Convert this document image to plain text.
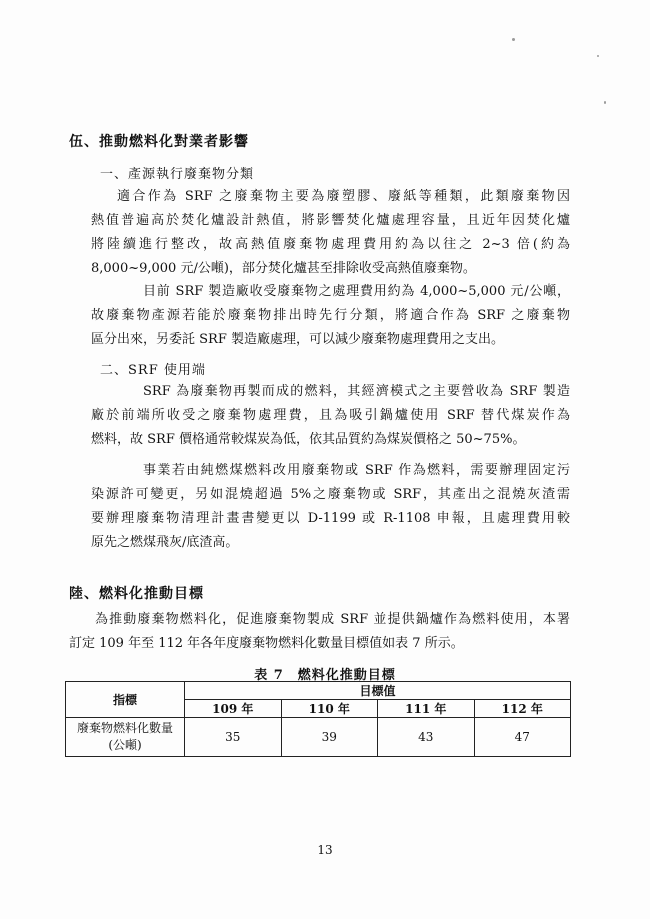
伍、推動燃料化對業者影響
一、產源執行廢棄物分類
適合作為 SRF 之廢棄物主要為廢塑膠、廢紙等種類，此類廢棄物因
熱值普遍高於焚化爐設計熱值，將影響焚化爐處理容量，且近年因焚化爐
將陸續進行整改，故高熱值廢棄物處理費用約為以往之 2~3 倍(約為
8,000~9,000 元/公噸)，部分焚化爐甚至排除收受高熱值廢棄物。
目前 SRF 製造廠收受廢棄物之處理費用約為 4,000~5,000 元/公噸，
故廢棄物產源若能於廢棄物排出時先行分類，將適合作為 SRF 之廢棄物
區分出來，另委託 SRF 製造廠處理，可以減少廢棄物處理費用之支出。
二、SRF 使用端
SRF 為廢棄物再製而成的燃料，其經濟模式之主要營收為 SRF 製造
廠於前端所收受之廢棄物處理費，且為吸引鍋爐使用 SRF 替代煤炭作為
燃料，故 SRF 價格通常較煤炭為低，依其品質約為煤炭價格之 50~75%。
事業若由純燃煤燃料改用廢棄物或 SRF 作為燃料，需要辦理固定污
染源許可變更，另如混燒超過 5%之廢棄物或 SRF，其產出之混燒灰渣需
要辦理廢棄物清理計畫書變更以 D-1199 或 R-1108 申報，且處理費用較
原先之燃煤飛灰/底渣高。
陸、燃料化推動目標
為推動廢棄物燃料化，促進廢棄物製成 SRF 並提供鍋爐作為燃料使用，本署
訂定 109 年至 112 年各年度廢棄物燃料化數量目標值如表 7 所示。
表 7　燃料化推動目標
指標	目標值			
	109 年	110 年	111 年	112 年

廢棄物燃料化數量
(公噸)	35	39	43	47
13
